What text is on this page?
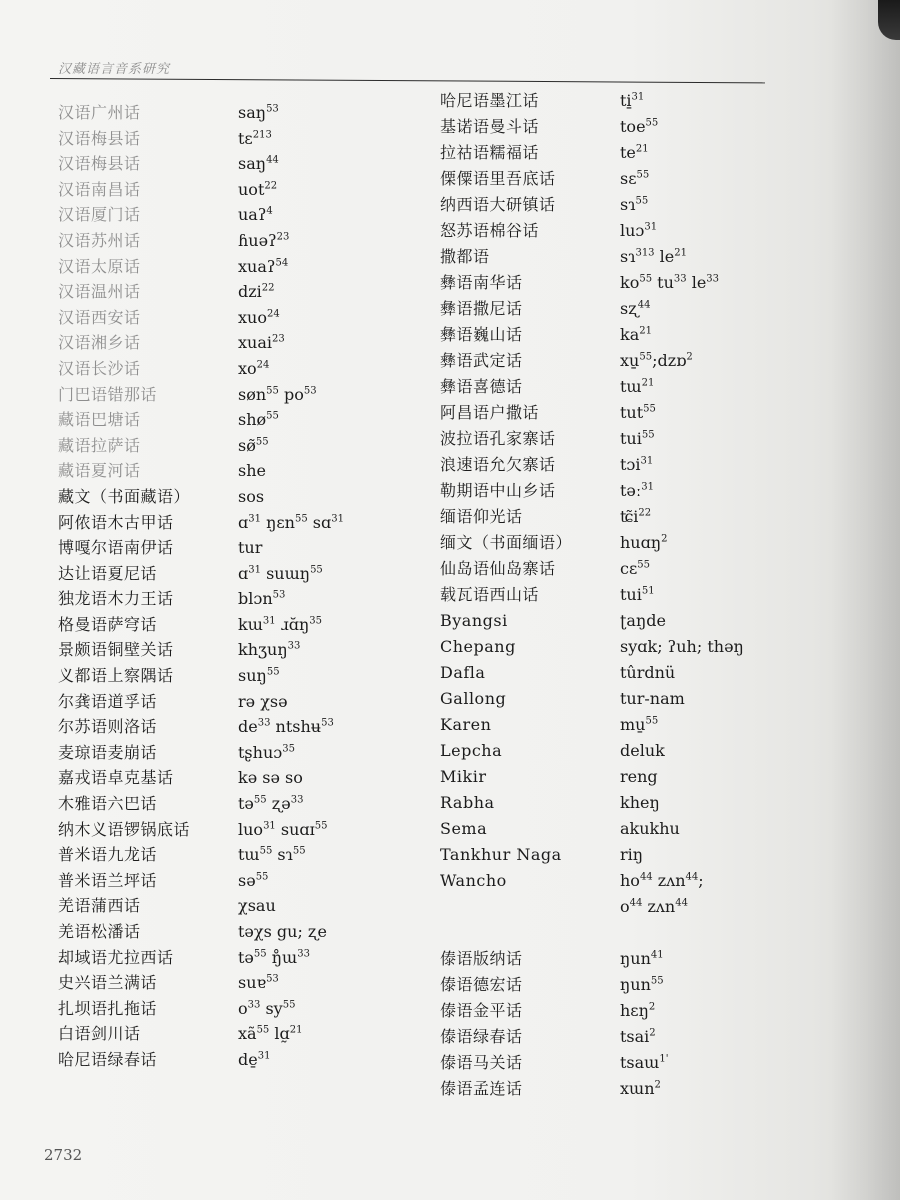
汉藏语言音系研究
汉语广州话	saŋ$^{53}$
汉语梅县话	tɛ$^{213}$
汉语梅县话	saŋ$^{44}$
汉语南昌话	uot$^{22}$
汉语厦门话	uaʔ$^4$
汉语苏州话	ɦuəʔ$^{23}$
汉语太原话	xuaʔ$^{54}$
汉语温州话	dzi$^{22}$
汉语西安话	xuo$^{24}$
汉语湘乡话	xuai$^{23}$
汉语长沙话	$xo^{24}$
门巴语错那话	søn$^{55}$ $po^{53}$
藏语巴塘话	shø$^{55}$
藏语拉萨话	sø̃$^{55}$
藏语夏河话	she
藏文（书面藏语）	sos
阿侬语木古甲话	ɑ$^{31}$ ŋɛn$^{55}$ sɑ$^{31}$
博嘎尔语南伊话	tur
达让语夏尼话	ɑ$^{31}$ suɯŋ$^{55}$
独龙语木力王话	blɔn$^{53}$
格曼语萨穹话	kɯ$^{31}$ $ɹɑ̆ŋ^{35}$
景颇语铜壁关话	khʒuŋ$^{33}$
义都语上察隅话	suŋ$^{55}$
尔龚语道孚话	rə χsə
尔苏语则洛话	$de^{33}$ ntshʉ$^{53}$
麦琼语麦崩话	tʂhuɔ$^{35}$
嘉戎语卓克基话	kə sə so
木雅语六巴话	tə$^{55}$ ʐə$^{33}$
纳木义语锣锅底话	luo$^{31}$ suɑɪ$^{55}$
普米语九龙话	tɯ$^{55}$ sɿ$^{55}$
普米语兰坪话	sə$^{55}$
羌语蒲西话	χsau
羌语松潘话	təχs gu; ʐe
却域语尤拉西话	tə$^{55}$ ŋ̊ɯ$^{33}$
史兴语兰满话	suɐ$^{53}$
扎坝语扎拖话	$o^{33}$ $sy^{55}$
白语剑川话	$xã^{55}$ lɑ̰$^{21}$
哈尼语绿春话	de̱$^{31}$
哈尼语墨江话	ti̱$^{31}$
基诺语曼斗话	toe$^{55}$
拉祜语糯福话	$te^{21}$
傈僳语里吾底话	sɛ$^{55}$
纳西语大研镇话	sɿ$^{55}$
怒苏语棉谷话	luɔ$^{31}$
撒都语	sɿ$^{313}$ $le^{21}$
彝语南华话	$ko^{55}$ $tu^{33}$ $le^{33}$
彝语撒尼话	sʐ$^{44}$
彝语巍山话	$ka^{21}$
彝语武定话	xu̱$^{55}$;dzɒ$^2$
彝语喜德话	tɯ$^{21}$
阿昌语户撒话	tut$^{55}$
波拉语孔家寨话	tui$^{55}$
浪速语允欠寨话	tɔi$^{31}$
勒期语中山乡话	təː$^{31}$
缅语仰光话	$ʨ̃i^{22}$
缅文（书面缅语）	huɑŋ$^2$
仙岛语仙岛寨话	cɛ$^{55}$
载瓦语西山话	tui$^{51}$
Byangsi	ʈaŋde
Chepang	syɑk; ʔuh; thəŋ
Dafla	tûrdnü
Gallong	tur-nam
Karen	mu̱$^{55}$
Lepcha	deluk
Mikir	reng
Rabha	kheŋ
Sema	akukhu
Tankhur Naga	riŋ
Wancho	$ho^{44}$ zʌn$^{44}$;
$o^{44}$ zʌn$^{44}$
傣语版纳话	ŋun$^{41}$
傣语德宏话	ŋun$^{55}$
傣语金平话	hɛŋ$^2$
傣语绿春话	tsai$^2$
傣语马关话	tsaɯ$^{1'}$
傣语孟连话	xɯn$^2$
2732
